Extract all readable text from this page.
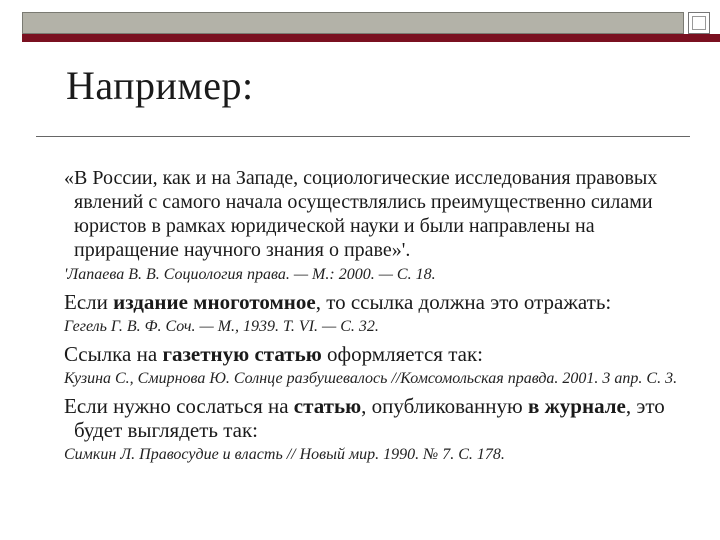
Например:

«В России, как и на Западе, социологические исследования правовых явлений с самого начала осуществлялись преимущественно силами юристов в рамках юридической науки и были направлены на приращение научного знания о праве»'.

'Лапаева В. В. Социология права. — М.: 2000. — С. 18.

Если издание многотомное, то ссылка должна это отражать:

Гегель Г. В. Ф. Соч. — М., 1939. Т. VI. — С. 32.

Ссылка на газетную статью оформляется так:

Кузина С., Смирнова Ю. Солнце разбушевалось //Комсомольская правда. 2001. 3 апр. С. 3.

Если нужно сослаться на статью, опубликованную в журнале, это будет выглядеть так:

Симкин Л. Правосудие и власть // Новый мир. 1990. № 7. С. 178.
